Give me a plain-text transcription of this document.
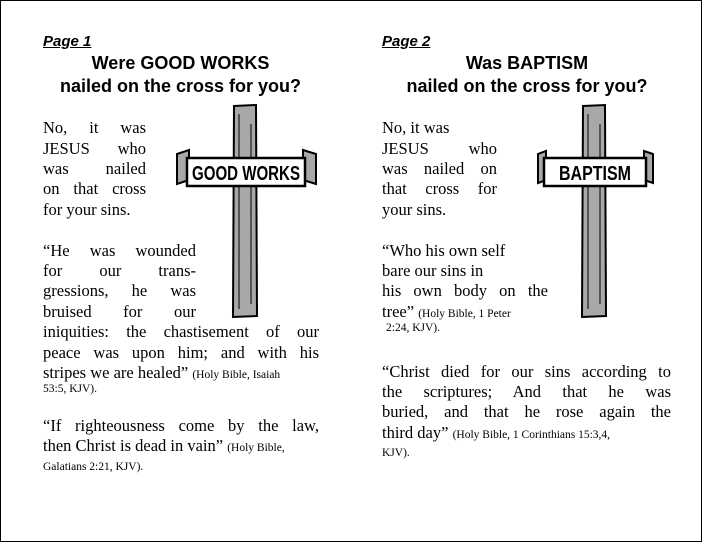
Page 1
Were GOOD WORKS
nailed on the cross for you?
GOOD WORKS
No, it was
JESUS who
was nailed
on that cross
for your sins.
“He was wounded
for our trans-
gressions, he was
bruised for our
iniquities: the chastisement of our
peace was upon him; and with his
stripes we are healed” (Holy Bible, Isaiah
53:5, KJV).
“If righteousness come by the law,
then Christ is dead in vain” (Holy Bible,
Galatians 2:21, KJV).
Page 2
Was BAPTISM
nailed on the cross for you?
BAPTISM
No, it was
JESUS who
was nailed on
that cross for
your sins.
“Who his own self
bare our sins in
his own body on the
tree” (Holy Bible, 1 Peter
2:24, KJV).
“Christ died for our sins according to
the scriptures; And that he was
buried, and that he rose again the
third day” (Holy Bible, 1 Corinthians 15:3,4,
KJV).
